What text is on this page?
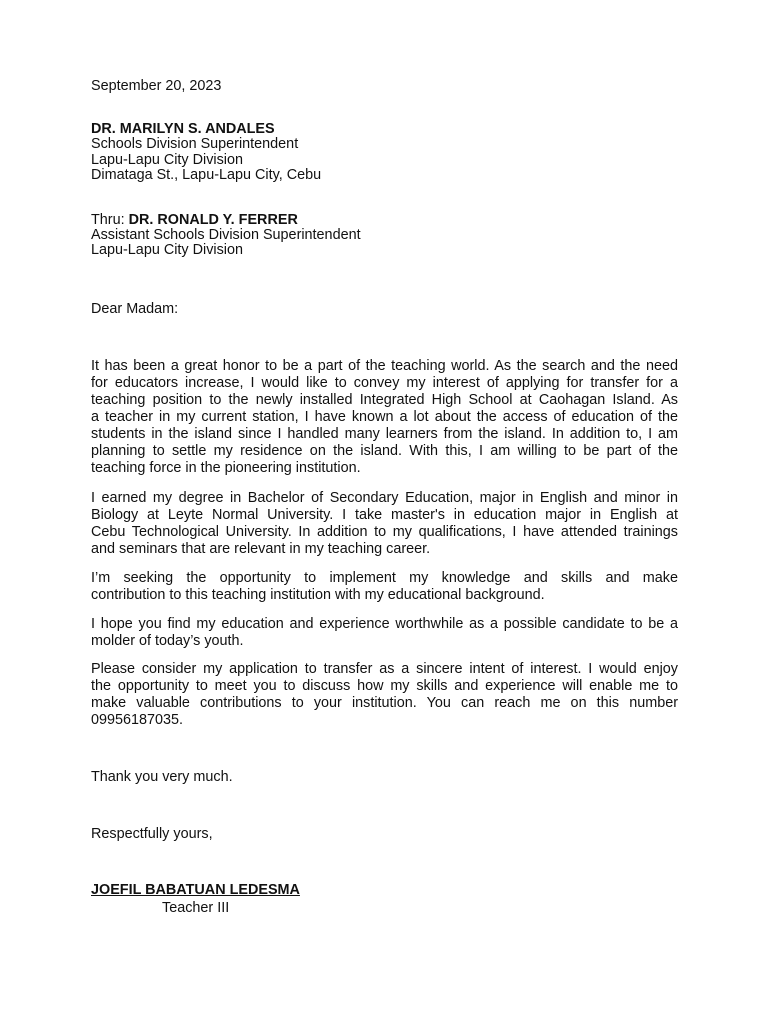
September 20, 2023
DR. MARILYN S. ANDALES
Schools Division Superintendent
Lapu-Lapu City Division
Dimataga St., Lapu-Lapu City, Cebu
Thru: DR. RONALD Y. FERRER
Assistant Schools Division Superintendent
Lapu-Lapu City Division
Dear Madam:
It has been a great honor to be a part of the teaching world. As the search and the need
for educators increase, I would like to convey my interest of applying for transfer for a
teaching position to the newly installed Integrated High School at Caohagan Island. As
a teacher in my current station, I have known a lot about the access of education of the
students in the island since I handled many learners from the island. In addition to, I am
planning to settle my residence on the island. With this, I am willing to be part of the
teaching force in the pioneering institution.
I earned my degree in Bachelor of Secondary Education, major in English and minor in
Biology at Leyte Normal University. I take master's in education major in English at
Cebu Technological University. In addition to my qualifications, I have attended trainings
and seminars that are relevant in my teaching career.
I’m seeking the opportunity to implement my knowledge and skills and make
contribution to this teaching institution with my educational background.
I hope you find my education and experience worthwhile as a possible candidate to be a
molder of today’s youth.
Please consider my application to transfer as a sincere intent of interest. I would enjoy
the opportunity to meet you to discuss how my skills and experience will enable me to
make valuable contributions to your institution. You can reach me on this number
09956187035.
Thank you very much.
Respectfully yours,
JOEFIL BABATUAN LEDESMA
Teacher III
